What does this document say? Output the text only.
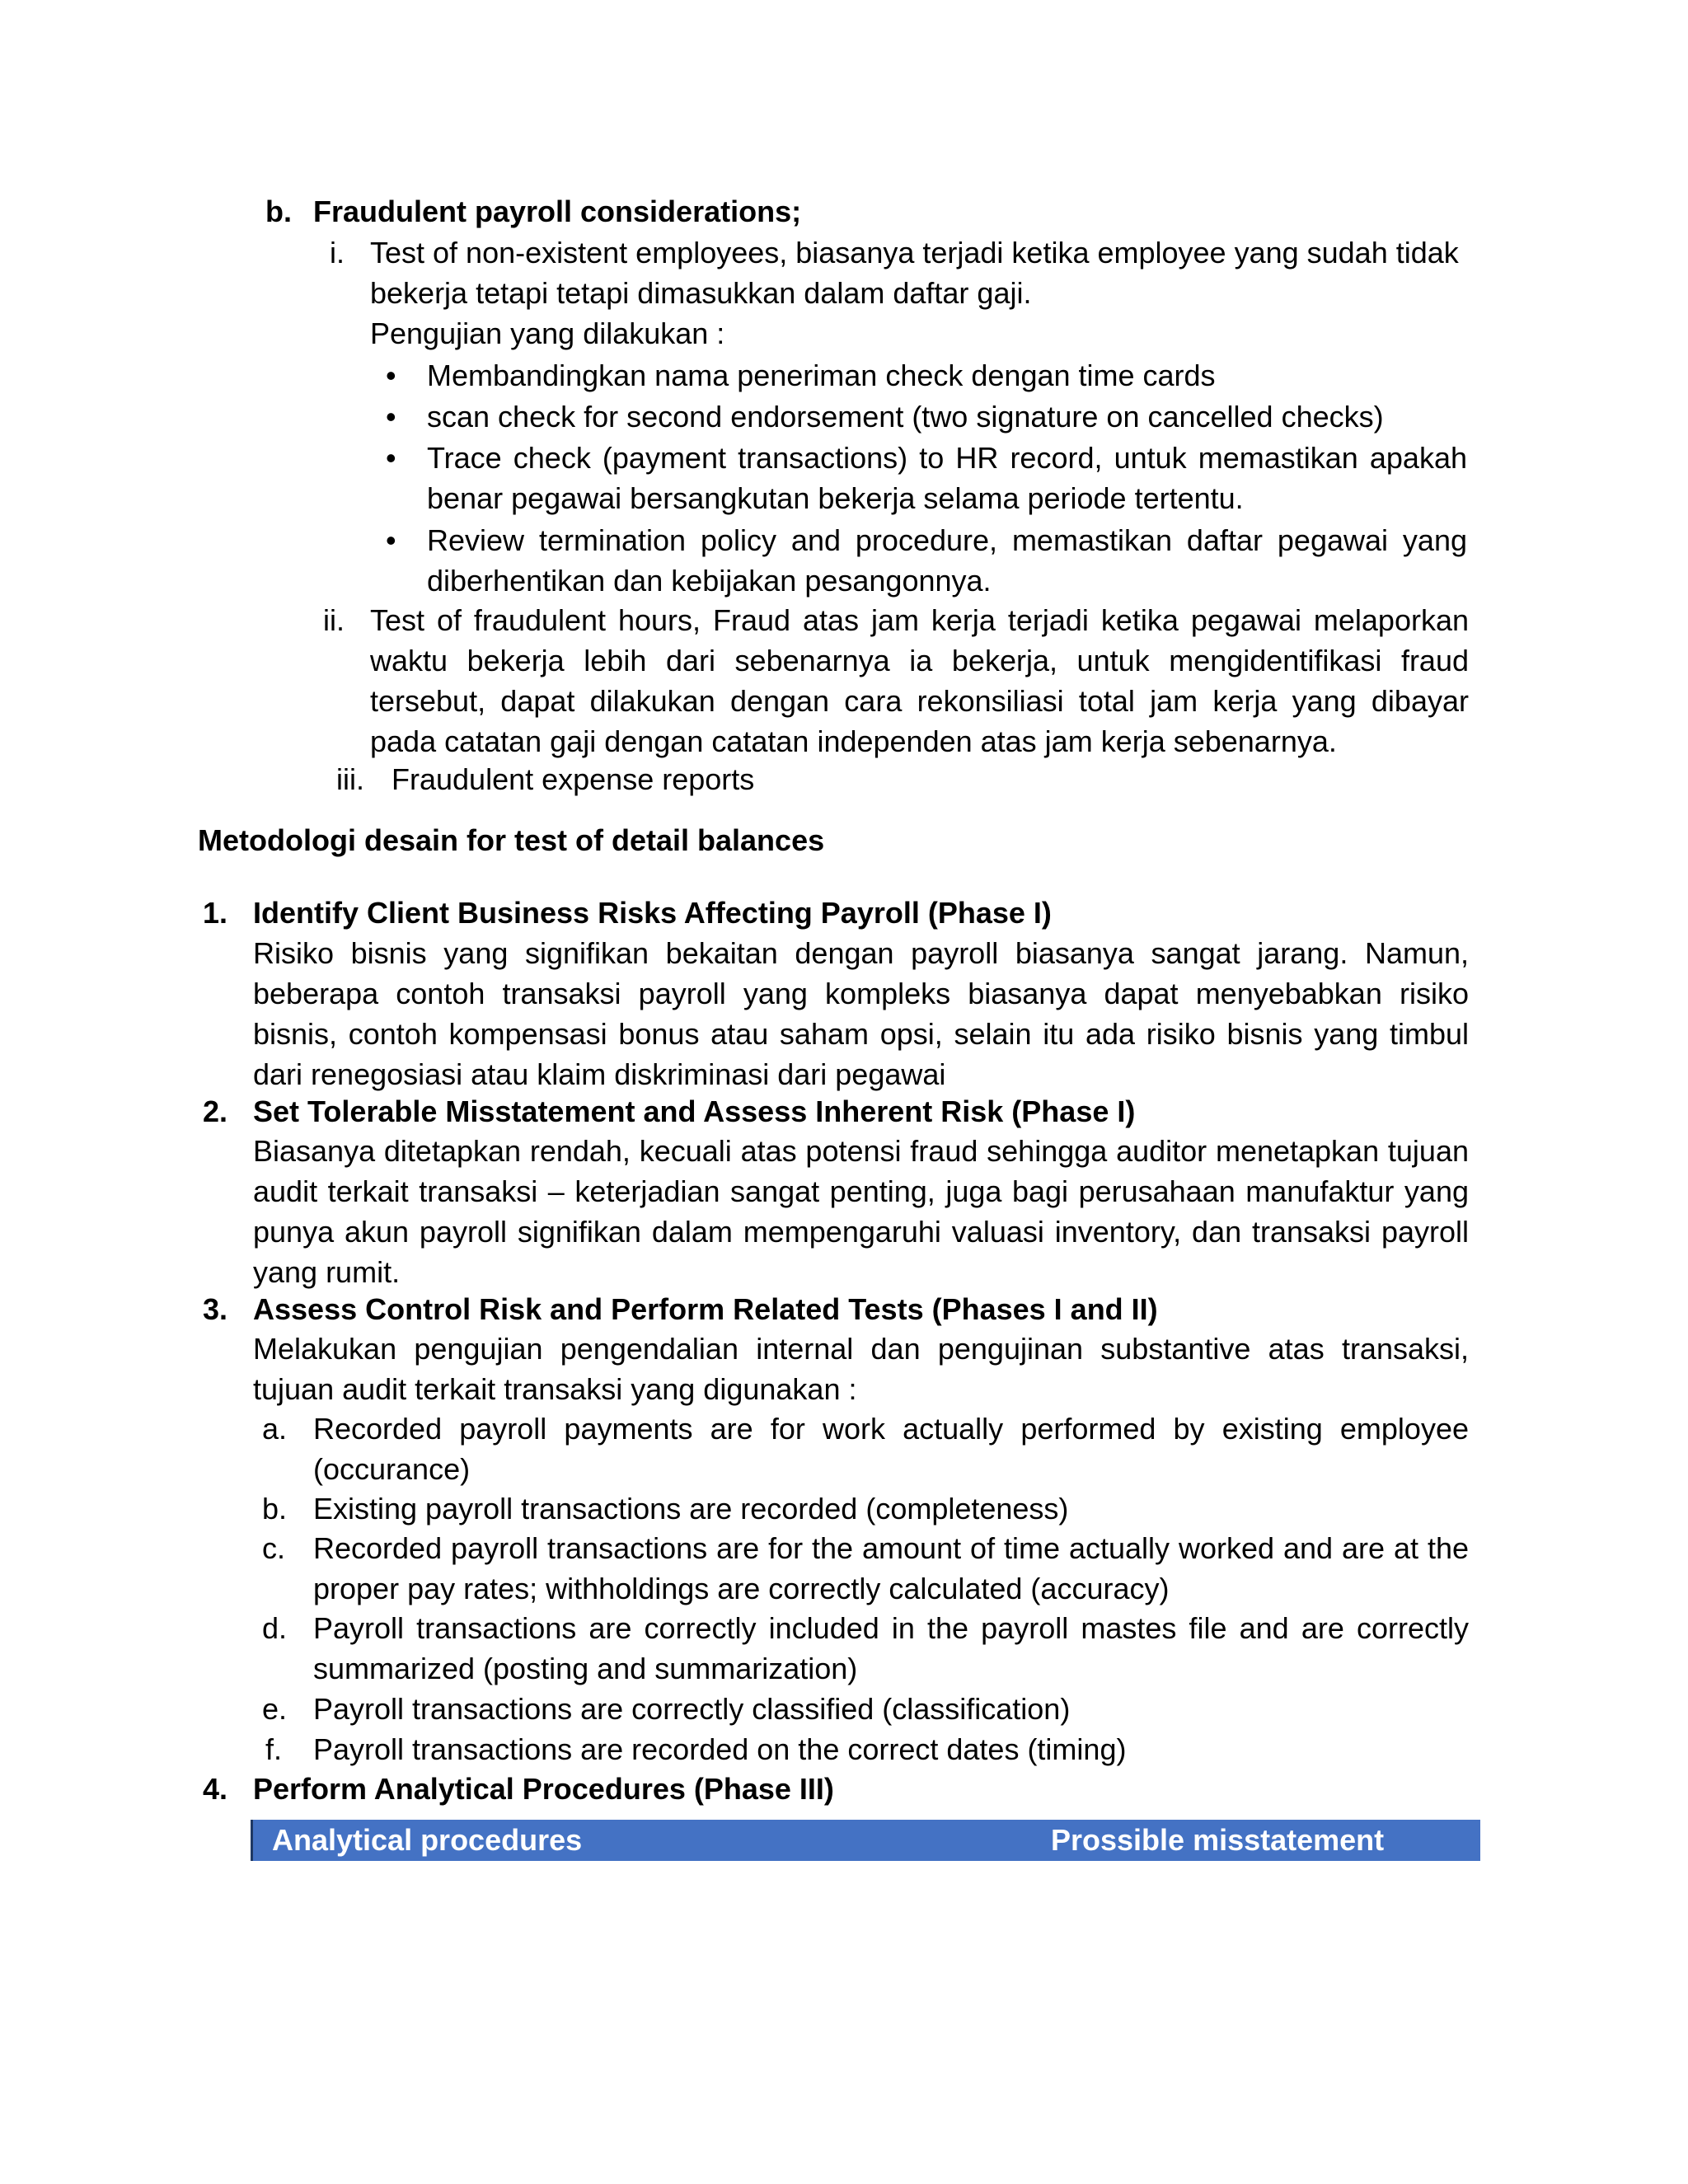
b. Fraudulent payroll considerations;
i. Test of non-existent employees, biasanya terjadi ketika employee yang sudah tidak
bekerja tetapi tetapi dimasukkan dalam daftar gaji.
Pengujian yang dilakukan :
• Membandingkan nama peneriman check dengan time cards
• scan check for second endorsement (two signature on cancelled checks)
• Trace check (payment transactions) to HR record, untuk memastikan apakah benar pegawai bersangkutan bekerja selama periode tertentu.
• Review termination policy and procedure, memastikan daftar pegawai yang diberhentikan dan kebijakan pesangonnya.
ii. Test of fraudulent hours, Fraud atas jam kerja terjadi ketika pegawai melaporkan waktu bekerja lebih dari sebenarnya ia bekerja, untuk mengidentifikasi fraud tersebut, dapat dilakukan dengan cara rekonsiliasi total jam kerja yang dibayar pada catatan gaji dengan catatan independen atas jam kerja sebenarnya.
iii. Fraudulent expense reports
Metodologi desain for test of detail balances
1. Identify Client Business Risks Affecting Payroll (Phase I)
Risiko bisnis yang signifikan bekaitan dengan payroll biasanya sangat jarang. Namun, beberapa contoh transaksi payroll yang kompleks biasanya dapat menyebabkan risiko bisnis, contoh kompensasi bonus atau saham opsi, selain itu ada risiko bisnis yang timbul dari renegosiasi atau klaim diskriminasi dari pegawai
2. Set Tolerable Misstatement and Assess Inherent Risk (Phase I)
Biasanya ditetapkan rendah, kecuali atas potensi fraud sehingga auditor menetapkan tujuan audit terkait transaksi – keterjadian sangat penting, juga bagi perusahaan manufaktur yang punya akun payroll signifikan dalam mempengaruhi valuasi inventory, dan transaksi payroll yang rumit.
3. Assess Control Risk and Perform Related Tests (Phases I and II)
Melakukan pengujian pengendalian internal dan pengujinan substantive atas transaksi, tujuan audit terkait transaksi yang digunakan :
a. Recorded payroll payments are for work actually performed by existing employee (occurance)
b. Existing payroll transactions are recorded (completeness)
c. Recorded payroll transactions are for the amount of time actually worked and are at the proper pay rates; withholdings are correctly calculated (accuracy)
d. Payroll transactions are correctly included in the payroll mastes file and are correctly summarized (posting and summarization)
e. Payroll transactions are correctly classified (classification)
f. Payroll transactions are recorded on the correct dates (timing)
4. Perform Analytical Procedures (Phase III)
Analytical procedures	Prossible misstatement
